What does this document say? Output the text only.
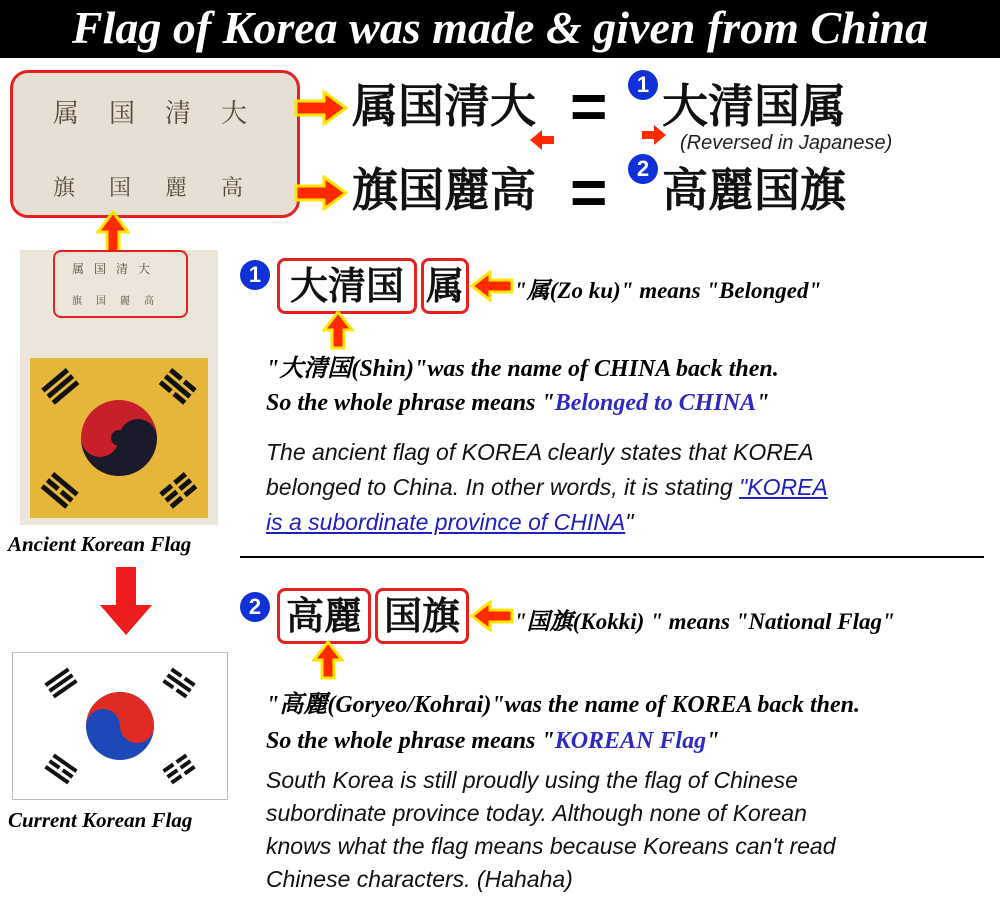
Flag of Korea was made & given from China
属国清大
旗国麗高
属国清大
旗国麗高
=
=
1
2
大清国属
(Reversed in Japanese)
高麗国旗
属国清大
旗国麗高
Ancient Korean Flag
Current Korean Flag
1 大清国 属 "属(Zo ku)" means "Belonged"
"大清国(Shin)"was the name of CHINA back then.
So the whole phrase means "Belonged to CHINA"
The ancient flag of KOREA clearly states that KOREA
belonged to China. In other words, it is stating "KOREA
is a subordinate province of CHINA"
2 高麗 国旗	"国旗(Kokki) " means "National Flag"
"高麗(Goryeo/Kohrai)"was the name of KOREA back then.
So the whole phrase means "KOREAN Flag"
South Korea is still proudly using the flag of Chinese
subordinate province today. Although none of Korean
knows what the flag means because Koreans can't read
Chinese characters. (Hahaha)
